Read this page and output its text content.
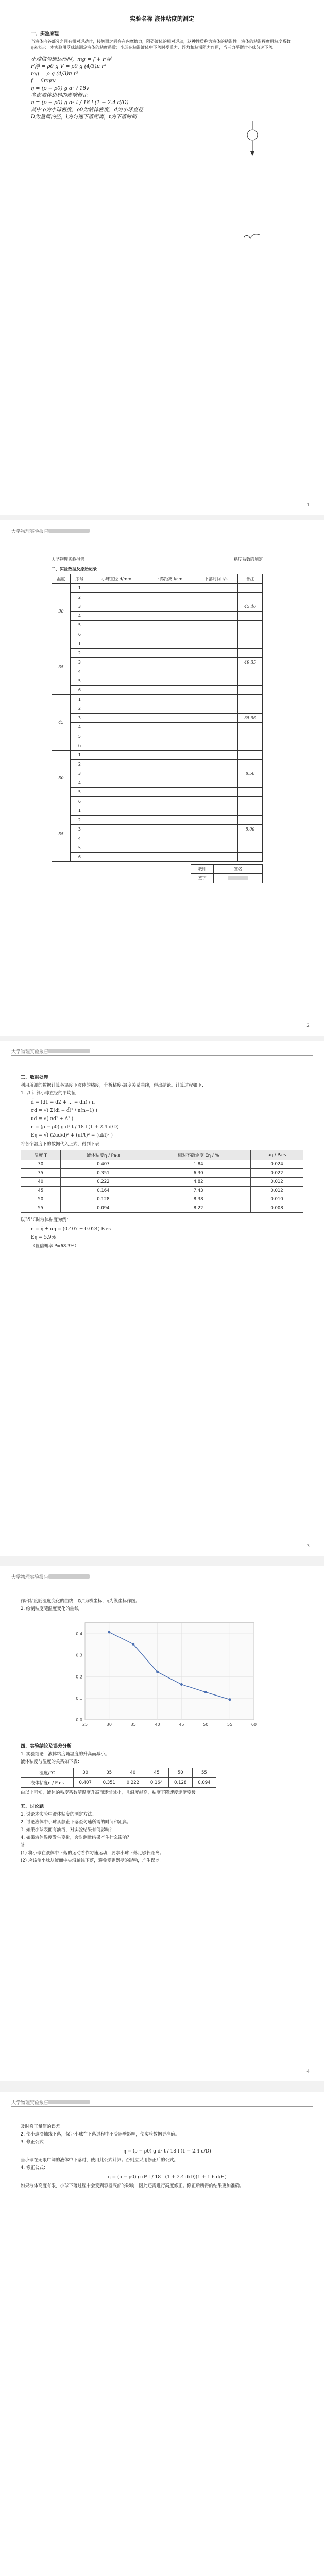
实验名称 液体粘度的测定
一、实验原理
当液体内各部分之间有相对运动时，接触面之间存在内摩擦力，阻碍液体的相对运动，这种性质称为液体的粘滞性。液体的粘滞程度用粘度系数η来表示。本实验用落球法测定液体的粘度系数：小球在粘滞液体中下落时受重力、浮力和粘滞阻力作用，当三力平衡时小球匀速下落。
小球做匀速运动时，mg = f + F浮
F浮 = ρ0 g V = ρ0 g (4/3)π r³
mg = ρ g (4/3)π r³
f = 6πηrv
η = (ρ − ρ0) g d² / 18v
考虑液体边界的影响修正
η = (ρ − ρ0) g d² t / 18 l (1 + 2.4 d/D)
其中 ρ为小球密度，ρ0为液体密度，d为小球直径
D为量筒内径，l为匀速下落距离，t为下落时间
1
大学物理实验报告
大学物理实验报告	粘度系数的测定
二、实验数据及原始记录
温度	序号	小球直径 d/mm	下落距离 l/cm	下落时间 t/s	备注
30	1				
	2				
	3				45.46
	4				
	5				
	6				
35	1				
	2				
	3				49.35
	4				
	5				
	6				
45	1				
	2				
	3				35.96
	4				
	5				
	6				
50	1				
	2				
	3				8.50
	4				
	5				
	6				
55	1				
	2				
	3				5.00
	4				
	5				
	6				
教师	签名
签字	
2
大学物理实验报告
三、数据处理
利用所测的数据计算各温度下液体的粘度，分析粘度-温度关系曲线，得出结论。计算过程如下：
1. 以 计算小球直径的平均值
d̄ = (d1 + d2 + … + dn) / n
σd = √( Σ(di − d̄)² / n(n−1) )
ud = √( σd² + Δ² )
η = (ρ − ρ0) g d² t / 18 l (1 + 2.4 d/D)
Eη = √( (2ud/d)² + (ut/t)² + (ul/l)² )
将各个温度下的数据代入上式，得到下表：
温度 T	液体粘度η / Pa·s	相对不确定度 Eη / %	uη / Pa·s
30	0.407	1.84	0.024
35	0.351	6.30	0.022
40	0.222	4.82	0.012
45	0.164	7.43	0.012
50	0.128	8.38	0.010
55	0.094	8.22	0.008
以35°C时液体粘度为例：
η = η̄ ± uη = (0.407 ± 0.024) Pa·s
Eη = 5.9%
（置信概率 P=68.3%）
3
大学物理实验报告
作出粘度随温度变化的曲线，以T为横坐标，η为纵坐标作图。
2. 绘制粘度随温度变化的曲线
25	30	35	40	45	50	55	60
0.0
0.1
0.2
0.3
0.4
四、实验结论及误差分析
1. 实验结论：液体粘度随温度的升高而减小。
液体粘度与温度的关系如下表：
温度/°C	30	35	40	45	50	55
液体粘度η / Pa·s	0.407	0.351	0.222	0.164	0.128	0.094
由以上可知，液体的粘度系数随温度升高而逐渐减小，且温度越高，粘度下降速度逐渐变缓。
五、讨论题
1. 讨论本实验中液体粘度的测定方法。
2. 讨论液体中小球从静止下落至匀速所需的时间和距离。
3. 如果小球表面有油污，对实验结果有何影响？
4. 如果液体温度发生变化，会对测量结果产生什么影响？
答：
(1) 将小球在液体中下落的运动看作匀速运动，要求小球下落足够长距离。
(2) 应该使小球从液面中央沿轴线下落，避免受到器壁的影响，产生误差。
4
大学物理实验报告
及时修正量筒的误差
2. 使小球沿轴线下落，保证小球在下落过程中不受器壁影响，使实验数据更准确。
3. 修正公式：
η = (ρ − ρ0) g d² t / 18 l (1 + 2.4 d/D)
当小球在无限广阔的液体中下落时，使用此公式计算；否则应采用修正后的公式。
4. 修正公式：
η = (ρ − ρ0) g d² t / 18 l (1 + 2.4 d/D)(1 + 1.6 d/H)
如果液体高度有限，小球下落过程中会受到容器底部的影响，因此还需进行高度修正。修正后所得的结果更加准确。
